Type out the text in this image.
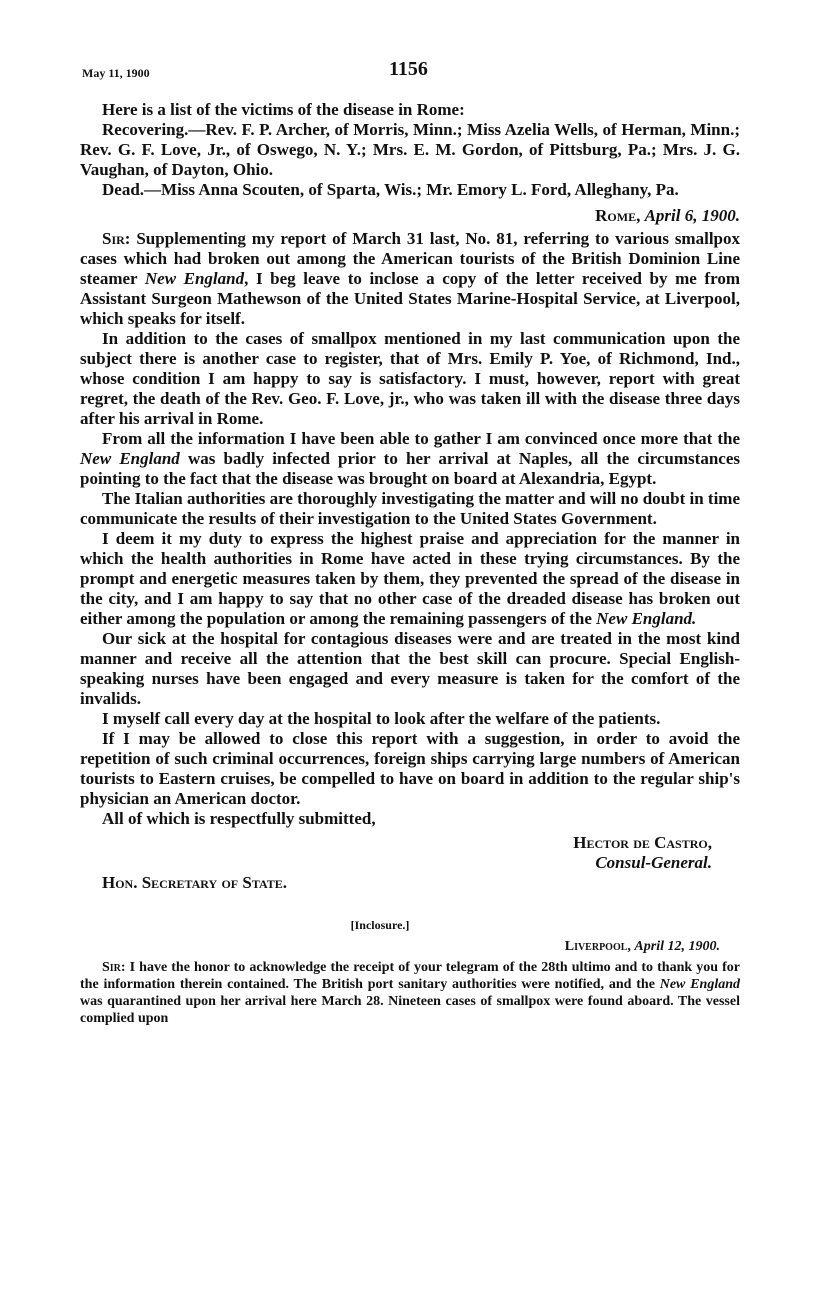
May 11, 1900	1156

Here is a list of the victims of the disease in Rome:

Recovering.—Rev. F. P. Archer, of Morris, Minn.; Miss Azelia Wells, of Herman, Minn.; Rev. G. F. Love, Jr., of Oswego, N. Y.; Mrs. E. M. Gordon, of Pittsburg, Pa.; Mrs. J. G. Vaughan, of Dayton, Ohio.

Dead.—Miss Anna Scouten, of Sparta, Wis.; Mr. Emory L. Ford, Alleghany, Pa.

Rome, April 6, 1900.

Sir: Supplementing my report of March 31 last, No. 81, referring to various smallpox cases which had broken out among the American tourists of the British Dominion Line steamer New England, I beg leave to inclose a copy of the letter received by me from Assistant Surgeon Mathewson of the United States Marine-Hospital Service, at Liverpool, which speaks for itself.

In addition to the cases of smallpox mentioned in my last communication upon the subject there is another case to register, that of Mrs. Emily P. Yoe, of Richmond, Ind., whose condition I am happy to say is satisfactory. I must, however, report with great regret, the death of the Rev. Geo. F. Love, jr., who was taken ill with the disease three days after his arrival in Rome.

From all the information I have been able to gather I am convinced once more that the New England was badly infected prior to her arrival at Naples, all the circumstances pointing to the fact that the disease was brought on board at Alexandria, Egypt.

The Italian authorities are thoroughly investigating the matter and will no doubt in time communicate the results of their investigation to the United States Government.

I deem it my duty to express the highest praise and appreciation for the manner in which the health authorities in Rome have acted in these trying circumstances. By the prompt and energetic measures taken by them, they prevented the spread of the disease in the city, and I am happy to say that no other case of the dreaded disease has broken out either among the population or among the remaining passengers of the New England.

Our sick at the hospital for contagious diseases were and are treated in the most kind manner and receive all the attention that the best skill can procure. Special English-speaking nurses have been engaged and every measure is taken for the comfort of the invalids.

I myself call every day at the hospital to look after the welfare of the patients.

If I may be allowed to close this report with a suggestion, in order to avoid the repetition of such criminal occurrences, foreign ships carrying large numbers of American tourists to Eastern cruises, be compelled to have on board in addition to the regular ship's physician an American doctor.

All of which is respectfully submitted,

Hector de Castro,
Consul-General.

Hon. Secretary of State.

[Inclosure.]
Liverpool, April 12, 1900.

Sir: I have the honor to acknowledge the receipt of your telegram of the 28th ultimo and to thank you for the information therein contained. The British port sanitary authorities were notified, and the New England was quarantined upon her arrival here March 28. Nineteen cases of smallpox were found aboard. The vessel complied upon
